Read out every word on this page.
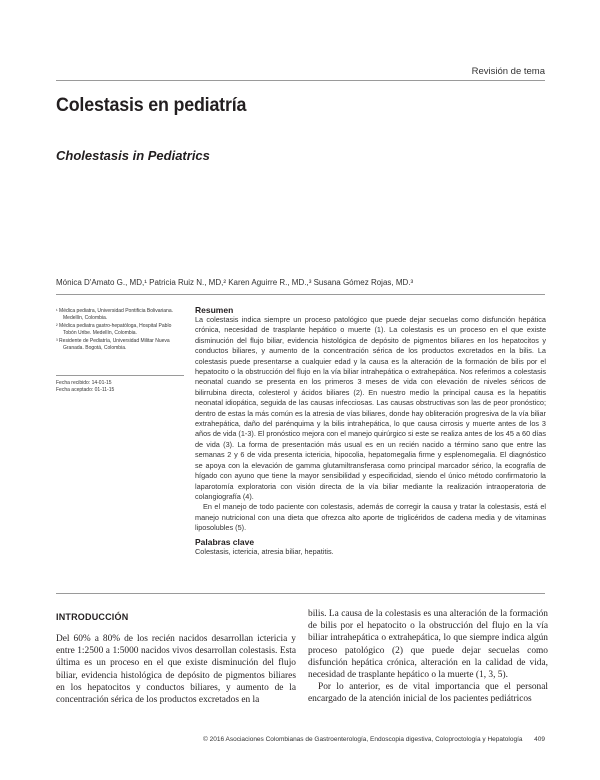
Revisión de tema
Colestasis en pediatría
Cholestasis in Pediatrics
Mónica D'Amato G., MD,¹ Patricia Ruiz N., MD,² Karen Aguirre R., MD.,³ Susana Gómez Rojas, MD.³

¹ Médica pediatra, Universidad Pontificia Bolivariana. Medellín, Colombia.

² Médica pediatra gastro-hepatóloga, Hospital Pablo Tobón Uribe. Medellín, Colombia.

³ Residente de Pediatría, Universidad Militar Nueva Granada. Bogotá, Colombia.

Fecha recibido: 14-01-15

Fecha aceptado: 01-11-15

Resumen

La colestasis indica siempre un proceso patológico que puede dejar secuelas como disfunción hepática crónica, necesidad de trasplante hepático o muerte (1). La colestasis es un proceso en el que existe disminución del flujo biliar, evidencia histológica de depósito de pigmentos biliares en los hepatocitos y conductos biliares, y aumento de la concentración sérica de los productos excretados en la bilis. La colestasis puede presentarse a cualquier edad y la causa es la alteración de la formación de bilis por el hepatocito o la obstrucción del flujo en la vía biliar intrahepática o extrahepática. Nos referimos a colestasis neonatal cuando se presenta en los primeros 3 meses de vida con elevación de niveles séricos de bilirrubina directa, colesterol y ácidos biliares (2). En nuestro medio la principal causa es la hepatitis neonatal idiopática, seguida de las causas infecciosas. Las causas obstructivas son las de peor pronóstico; dentro de estas la más común es la atresia de vías biliares, donde hay obliteración progresiva de la vía biliar extrahepática, daño del parénquima y la bilis intrahepática, lo que causa cirrosis y muerte antes de los 3 años de vida (1-3). El pronóstico mejora con el manejo quirúrgico si este se realiza antes de los 45 a 60 días de vida (3). La forma de presentación más usual es en un recién nacido a término sano que entre las semanas 2 y 6 de vida presenta ictericia, hipocolia, hepatomegalia firme y esplenomegalia. El diagnóstico se apoya con la elevación de gamma glutamiltransferasa como principal marcador sérico, la ecografía de hígado con ayuno que tiene la mayor sensibilidad y especificidad, siendo el único método confirmatorio la laparotomía exploratoria con visión directa de la vía biliar mediante la realización intraoperatoria de colangiografía (4).

En el manejo de todo paciente con colestasis, además de corregir la causa y tratar la colestasis, está el manejo nutricional con una dieta que ofrezca alto aporte de triglicéridos de cadena media y de vitaminas liposolubles (5).

Palabras clave

Colestasis, ictericia, atresia biliar, hepatitis.

INTRODUCCIÓN

Del 60% a 80% de los recién nacidos desarrollan ictericia y entre 1:2500 a 1:5000 nacidos vivos desarrollan colestasis. Esta última es un proceso en el que existe disminución del flujo biliar, evidencia histológica de depósito de pigmentos biliares en los hepatocitos y conductos biliares, y aumento de la concentración sérica de los productos excretados en la

bilis. La causa de la colestasis es una alteración de la formación de bilis por el hepatocito o la obstrucción del flujo en la vía biliar intrahepática o extrahepática, lo que siempre indica algún proceso patológico (2) que puede dejar secuelas como disfunción hepática crónica, alteración en la calidad de vida, necesidad de trasplante hepático o la muerte (1, 3, 5).

Por lo anterior, es de vital importancia que el personal encargado de la atención inicial de los pacientes pediátricos

© 2016 Asociaciones Colombianas de Gastroenterología, Endoscopia digestiva, Coloproctología y Hepatología 409
